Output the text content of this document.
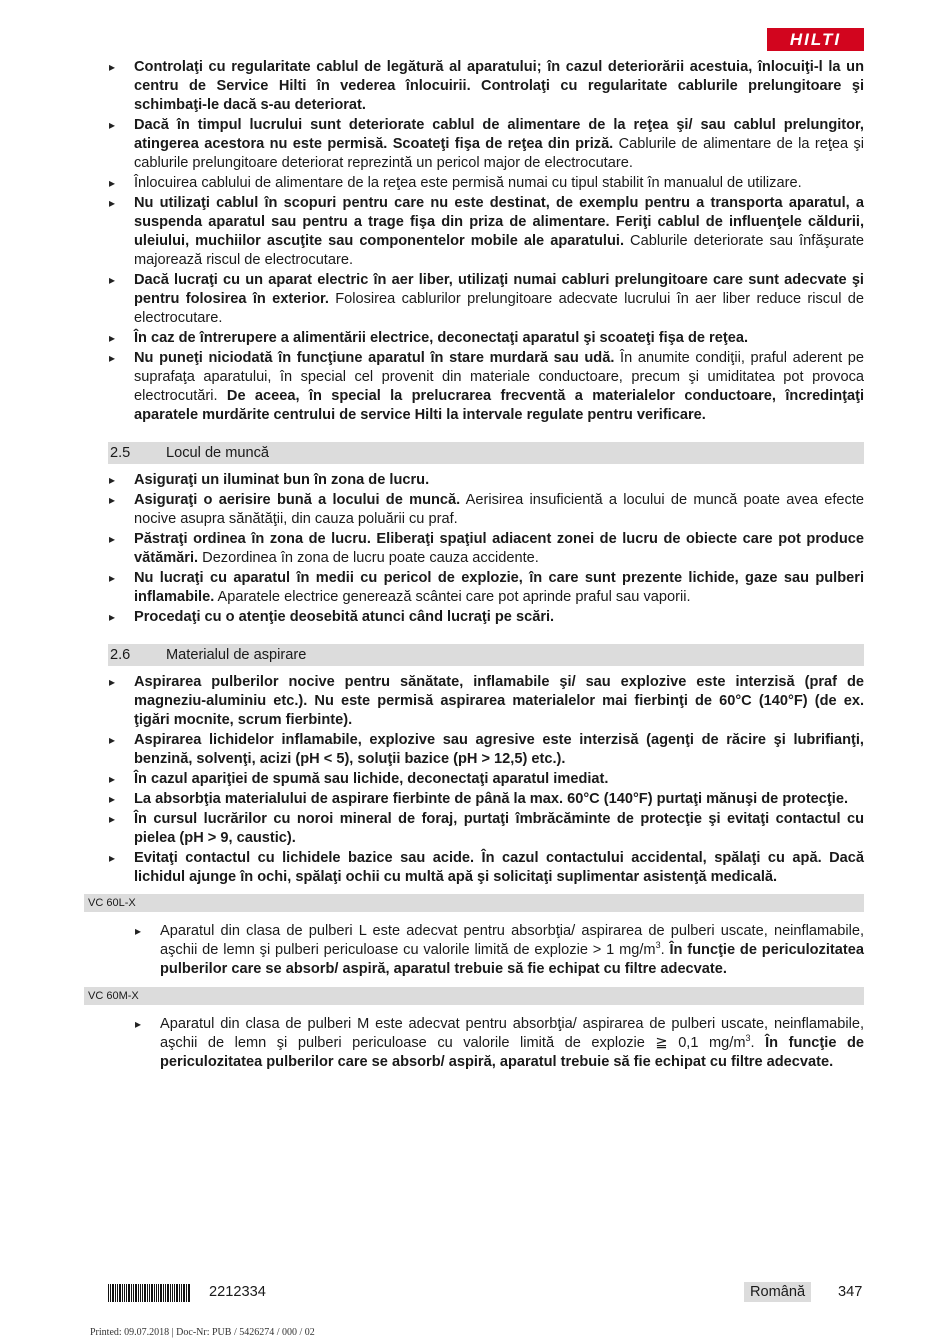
HILTI
▸ Controlaţi cu regularitate cablul de legătură al aparatului; în cazul deteriorării acestuia, înlocuiţi-l la un centru de Service Hilti în vederea înlocuirii. Controlaţi cu regularitate cablurile prelungitoare şi schimbaţi-le dacă s-au deteriorat.
▸ Dacă în timpul lucrului sunt deteriorate cablul de alimentare de la reţea şi/ sau cablul prelungitor, atingerea acestora nu este permisă. Scoateţi fişa de reţea din priză. Cablurile de alimentare de la reţea şi cablurile prelungitoare deteriorat reprezintă un pericol major de electrocutare.
▸ Înlocuirea cablului de alimentare de la reţea este permisă numai cu tipul stabilit în manualul de utilizare.
▸ Nu utilizaţi cablul în scopuri pentru care nu este destinat, de exemplu pentru a transporta aparatul, a suspenda aparatul sau pentru a trage fişa din priza de alimentare. Feriţi cablul de influenţele căldurii, uleiului, muchiilor ascuţite sau componentelor mobile ale aparatului. Cablurile deteriorate sau înfăşurate majorează riscul de electrocutare.
▸ Dacă lucraţi cu un aparat electric în aer liber, utilizaţi numai cabluri prelungitoare care sunt adecvate şi pentru folosirea în exterior. Folosirea cablurilor prelungitoare adecvate lucrului în aer liber reduce riscul de electrocutare.
▸ În caz de întrerupere a alimentării electrice, deconectaţi aparatul şi scoateţi fişa de reţea.
▸ Nu puneţi niciodată în funcţiune aparatul în stare murdară sau udă. În anumite condiţii, praful aderent pe suprafaţa aparatului, în special cel provenit din materiale conductoare, precum şi umiditatea pot provoca electrocutări. De aceea, în special la prelucrarea frecventă a materialelor conductoare, încredinţaţi aparatele murdărite centrului de service Hilti la intervale regulate pentru verificare.
2.5	Locul de muncă
▸ Asiguraţi un iluminat bun în zona de lucru.
▸ Asiguraţi o aerisire bună a locului de muncă. Aerisirea insuficientă a locului de muncă poate avea efecte nocive asupra sănătăţii, din cauza poluării cu praf.
▸ Păstraţi ordinea în zona de lucru. Eliberaţi spaţiul adiacent zonei de lucru de obiecte care pot produce vătămări. Dezordinea în zona de lucru poate cauza accidente.
▸ Nu lucraţi cu aparatul în medii cu pericol de explozie, în care sunt prezente lichide, gaze sau pulberi inflamabile. Aparatele electrice generează scântei care pot aprinde praful sau vaporii.
▸ Procedaţi cu o atenţie deosebită atunci când lucraţi pe scări.
2.6	Materialul de aspirare
▸ Aspirarea pulberilor nocive pentru sănătate, inflamabile şi/ sau explozive este interzisă (praf de magneziu-aluminiu etc.). Nu este permisă aspirarea materialelor mai fierbinţi de 60°C (140°F) (de ex. ţigări mocnite, scrum fierbinte).
▸ Aspirarea lichidelor inflamabile, explozive sau agresive este interzisă (agenţi de răcire şi lubrifianţi, benzină, solvenţi, acizi (pH < 5), soluţii bazice (pH > 12,5) etc.).
▸ În cazul apariţiei de spumă sau lichide, deconectaţi aparatul imediat.
▸ La absorbţia materialului de aspirare fierbinte de până la max. 60°C (140°F) purtaţi mănuşi de protecţie.
▸ În cursul lucrărilor cu noroi mineral de foraj, purtaţi îmbrăcăminte de protecţie şi evitaţi contactul cu pielea (pH > 9, caustic).
▸ Evitaţi contactul cu lichidele bazice sau acide. În cazul contactului accidental, spălaţi cu apă. Dacă lichidul ajunge în ochi, spălaţi ochii cu multă apă şi solicitaţi suplimentar asistenţă medicală.
VC 60L-X
▸ Aparatul din clasa de pulberi L este adecvat pentru absorbţia/ aspirarea de pulberi uscate, neinflamabile, aşchii de lemn şi pulberi periculoase cu valorile limită de explozie > 1 $mg/m^3$. În funcţie de periculozitatea pulberilor care se absorb/ aspiră, aparatul trebuie să fie echipat cu filtre adecvate.
VC 60M-X
▸ Aparatul din clasa de pulberi M este adecvat pentru absorbţia/ aspirarea de pulberi uscate, neinflamabile, aşchii de lemn şi pulberi periculoase cu valorile limită de explozie ≧ 0,1 $mg/m^3$. În funcţie de periculozitatea pulberilor care se absorb/ aspiră, aparatul trebuie să fie echipat cu filtre adecvate.
2212334	Română	347
Printed: 09.07.2018 | Doc-Nr: PUB / 5426274 / 000 / 02
